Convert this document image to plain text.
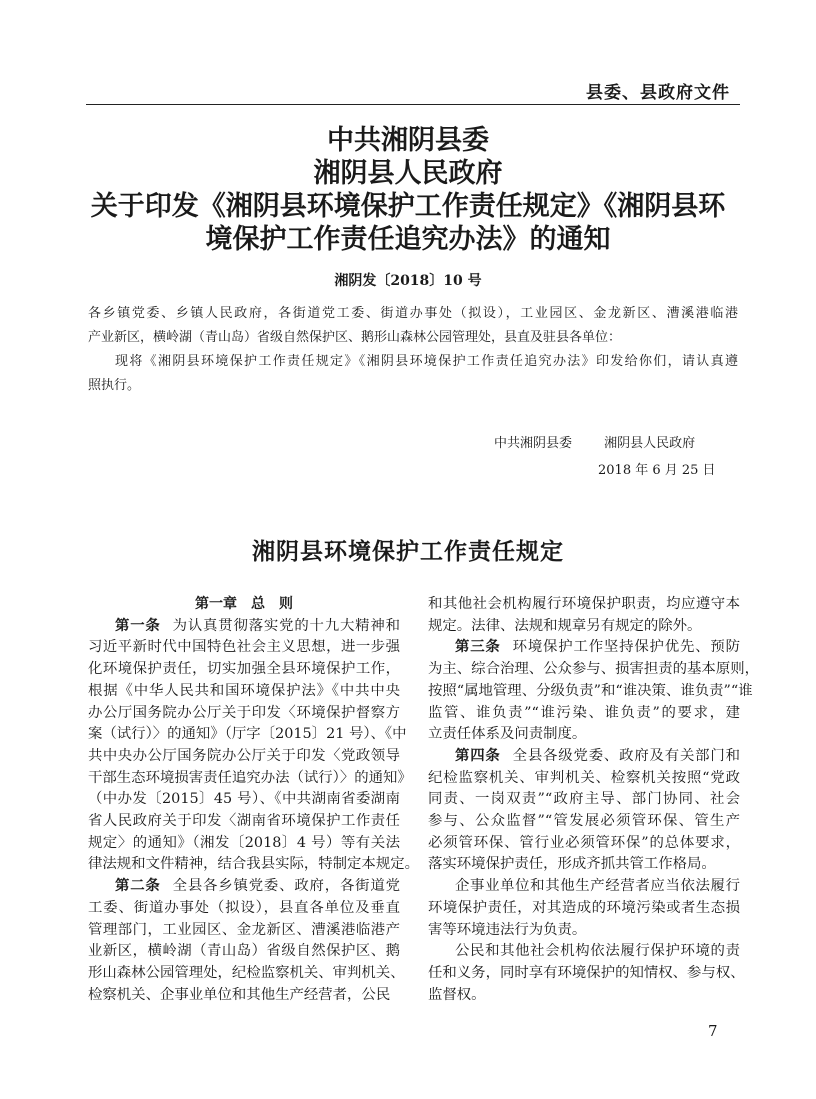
县委、县政府文件
中共湘阴县委
湘阴县人民政府
关于印发《湘阴县环境保护工作责任规定》《湘阴县环
境保护工作责任追究办法》的通知
湘阴发〔2018〕10 号
各乡镇党委、乡镇人民政府，各街道党工委、街道办事处（拟设），工业园区、金龙新区、漕溪港临港
产业新区，横岭湖（青山岛）省级自然保护区、鹅形山森林公园管理处，县直及驻县各单位：
现将《湘阴县环境保护工作责任规定》《湘阴县环境保护工作责任追究办法》印发给你们，请认真遵
照执行。
中共湘阴县委 湘阴县人民政府
2018 年 6 月 25 日
湘阴县环境保护工作责任规定
第一章　总　则
第一条 为认真贯彻落实党的十九大精神和
习近平新时代中国特色社会主义思想，进一步强
化环境保护责任，切实加强全县环境保护工作，
根据《中华人民共和国环境保护法》《中共中央
办公厅国务院办公厅关于印发〈环境保护督察方
案（试行）〉的通知》（厅字〔2015〕21 号）、《中
共中央办公厅国务院办公厅关于印发〈党政领导
干部生态环境损害责任追究办法（试行）〉的通知》
（中办发〔2015〕45 号）、《中共湖南省委湖南
省人民政府关于印发〈湖南省环境保护工作责任
规定〉的通知》（湘发〔2018〕4 号）等有关法
律法规和文件精神，结合我县实际，特制定本规定。
第二条 全县各乡镇党委、政府，各街道党
工委、街道办事处（拟设），县直各单位及垂直
管理部门，工业园区、金龙新区、漕溪港临港产
业新区，横岭湖（青山岛）省级自然保护区、鹅
形山森林公园管理处，纪检监察机关、审判机关、
检察机关、企事业单位和其他生产经营者，公民
和其他社会机构履行环境保护职责，均应遵守本
规定。法律、法规和规章另有规定的除外。
第三条 环境保护工作坚持保护优先、预防
为主、综合治理、公众参与、损害担责的基本原则，
按照“属地管理、分级负责”和“谁决策、谁负责”“谁
监管、谁负责”“谁污染、谁负责”的要求，建
立责任体系及问责制度。
第四条 全县各级党委、政府及有关部门和
纪检监察机关、审判机关、检察机关按照“党政
同责、一岗双责”“政府主导、部门协同、社会
参与、公众监督”“管发展必须管环保、管生产
必须管环保、管行业必须管环保”的总体要求，
落实环境保护责任，形成齐抓共管工作格局。
企事业单位和其他生产经营者应当依法履行
环境保护责任，对其造成的环境污染或者生态损
害等环境违法行为负责。
公民和其他社会机构依法履行保护环境的责
任和义务，同时享有环境保护的知情权、参与权、
监督权。
7
